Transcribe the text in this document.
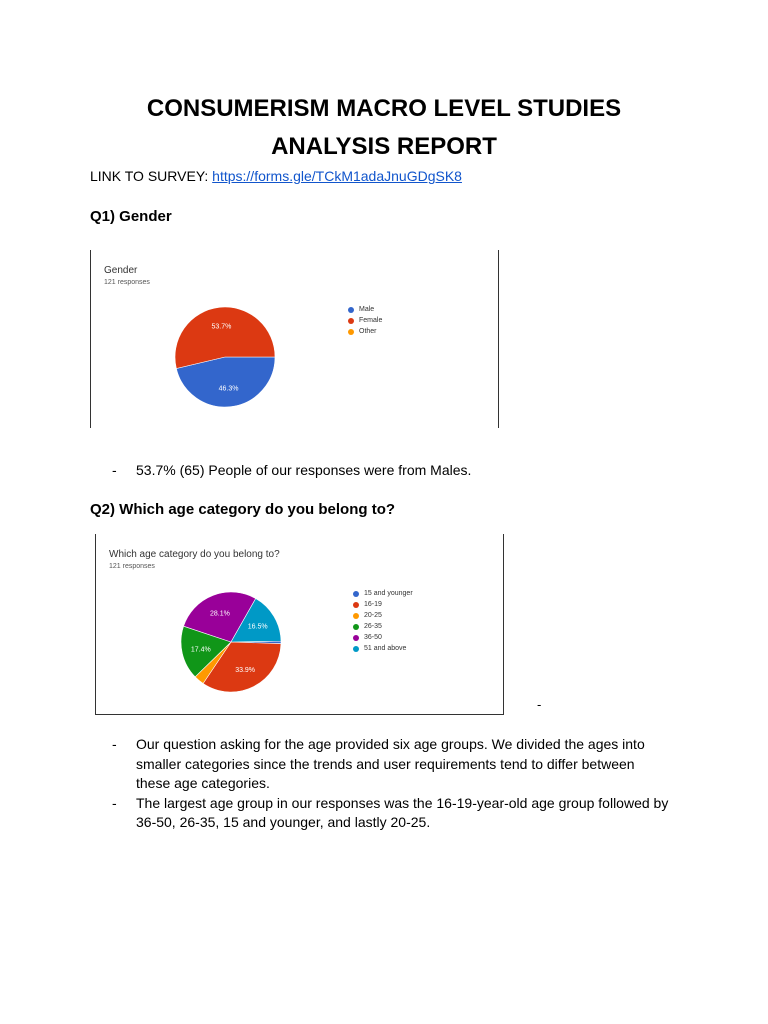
CONSUMERISM MACRO LEVEL STUDIES
ANALYSIS REPORT
LINK TO SURVEY: https://forms.gle/TCkM1adaJnuGDgSK8
Q1) Gender
Gender
121 responses
46.3%
53.7%
Male
Female
Other
- 53.7% (65) People of our responses were from Males.
Q2) Which age category do you belong to?
Which age category do you belong to?
121 responses
33.9%
17.4%
28.1%
16.5%
15 and younger
16-19
20-25
26-35
36-50
51 and above
-
- Our question asking for the age provided six age groups. We divided the ages into smaller categories since the trends and user requirements tend to differ between these age categories.
- The largest age group in our responses was the 16-19-year-old age group followed by 36-50, 26-35, 15 and younger, and lastly 20-25.
